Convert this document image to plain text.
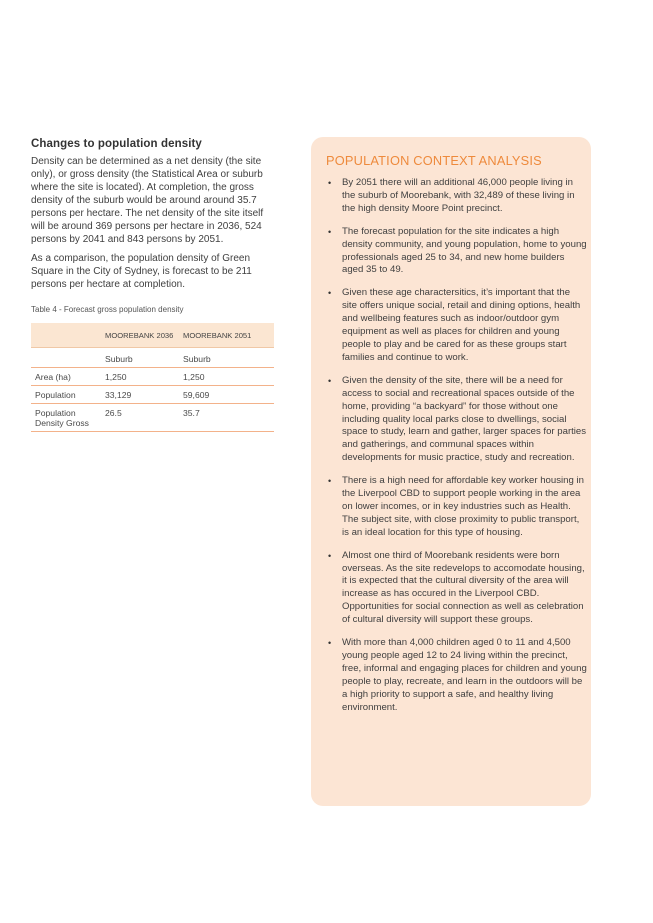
Changes to population density

Density can be determined as a net density (the site only), or gross density (the Statistical Area or suburb where the site is located). At completion, the gross density of the suburb would be around around 35.7 persons per hectare. The net density of the site itself will be around 369 persons per hectare in 2036, 524 persons by 2041 and 843 persons by 2051.

As a comparison, the population density of Green Square in the City of Sydney, is forecast to be 211 persons per hectare at completion.

Table 4 - Forecast gross population density
	MOOREBANK 2036	MOOREBANK 2051
	Suburb	Suburb
Area (ha)	1,250	1,250
Population	33,129	59,609
Population Density Gross	26.5	35.7
POPULATION CONTEXT ANALYSIS
• By 2051 there will an additional 46,000 people living in the suburb of Moorebank, with 32,489 of these living in the high density Moore Point precinct.
• The forecast population for the site indicates a high density community, and young population, home to young professionals aged 25 to 34, and new home builders aged 35 to 49.
• Given these age charactersitics, it’s important that the site offers unique social, retail and dining options, health and wellbeing features such as indoor/outdoor gym equipment as well as places for children and young people to play and be cared for as these groups start families and continue to work.
• Given the density of the site, there will be a need for access to social and recreational spaces outside of the home, providing “a backyard” for those without one including quality local parks close to dwellings, social space to study, learn and gather, larger spaces for parties and gatherings, and communal spaces within developments for music practice, study and recreation.
• There is a high need for affordable key worker housing in the Liverpool CBD to support people working in the area on lower incomes, or in key industries such as Health. The subject site, with close proximity to public transport, is an ideal location for this type of housing.
• Almost one third of Moorebank residents were born overseas. As the site redevelops to accomodate housing, it is expected that the cultural diversity of the area will increase as has occured in the Liverpool CBD. Opportunities for social connection as well as celebration of cultural diversity will support these groups.
• With more than 4,000 children aged 0 to 11 and 4,500 young people aged 12 to 24 living within the precinct, free, informal and engaging places for children and young people to play, recreate, and learn in the outdoors will be a high priority to support a safe, and healthy living environment.
